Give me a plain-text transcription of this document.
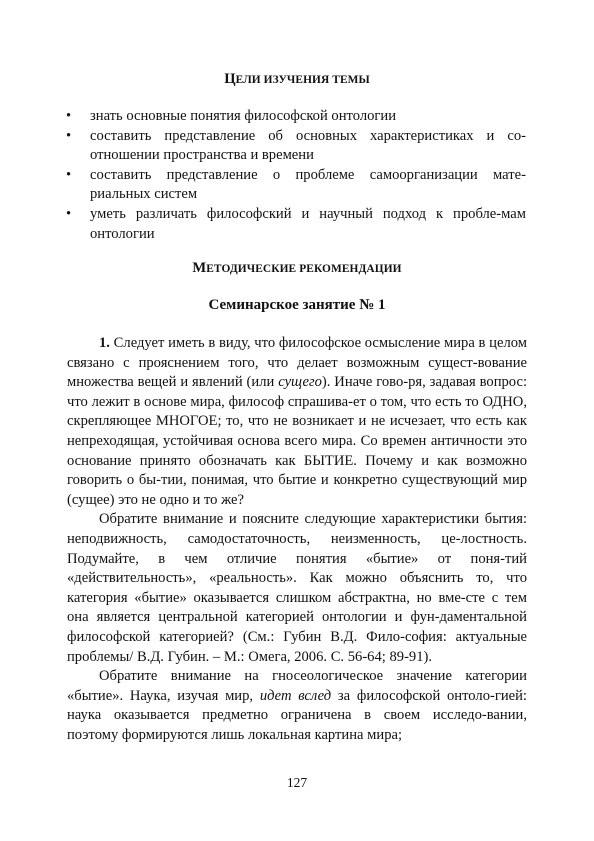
ЦЕЛИ ИЗУЧЕНИЯ ТЕМЫ
•	знать основные понятия философской онтологии
•	составить представление об основных характеристиках и со-отношении пространства и времени
•	составить представление о проблеме самоорганизации мате-риальных систем
•	уметь различать философский и научный подход к пробле-мам онтологии
МЕТОДИЧЕСКИЕ РЕКОМЕНДАЦИИ
Семинарское занятие № 1

1. Следует иметь в виду, что философское осмысление мира в целом связано с прояснением того, что делает возможным сущест-вование множества вещей и явлений (или сущего). Иначе гово-ря, задавая вопрос: что лежит в основе мира, философ спрашива-ет о том, что есть то ОДНО, скрепляющее МНОГОЕ; то, что не возникает и не исчезает, что есть как непреходящая, устойчивая основа всего мира. Со времен античности это основание принято обозначать как БЫТИЕ. Почему и как возможно говорить о бы-тии, понимая, что бытие и конкретно существующий мир (сущее) это не одно и то же?

Обратите внимание и поясните следующие характеристики бытия: неподвижность, самодостаточность, неизменность, це-лостность. Подумайте, в чем отличие понятия «бытие» от поня-тий «действительность», «реальность». Как можно объяснить то, что категория «бытие» оказывается слишком абстрактна, но вме-сте с тем она является центральной категорией онтологии и фун-даментальной философской категорией? (См.: Губин В.Д. Фило-софия: актуальные проблемы/ В.Д. Губин. – М.: Омега, 2006. С. 56-64; 89-91).

Обратите внимание на гносеологическое значение категории «бытие». Наука, изучая мир, идет вслед за философской онтоло-гией: наука оказывается предметно ограничена в своем исследо-вании, поэтому формируются лишь локальная картина мира;

127
